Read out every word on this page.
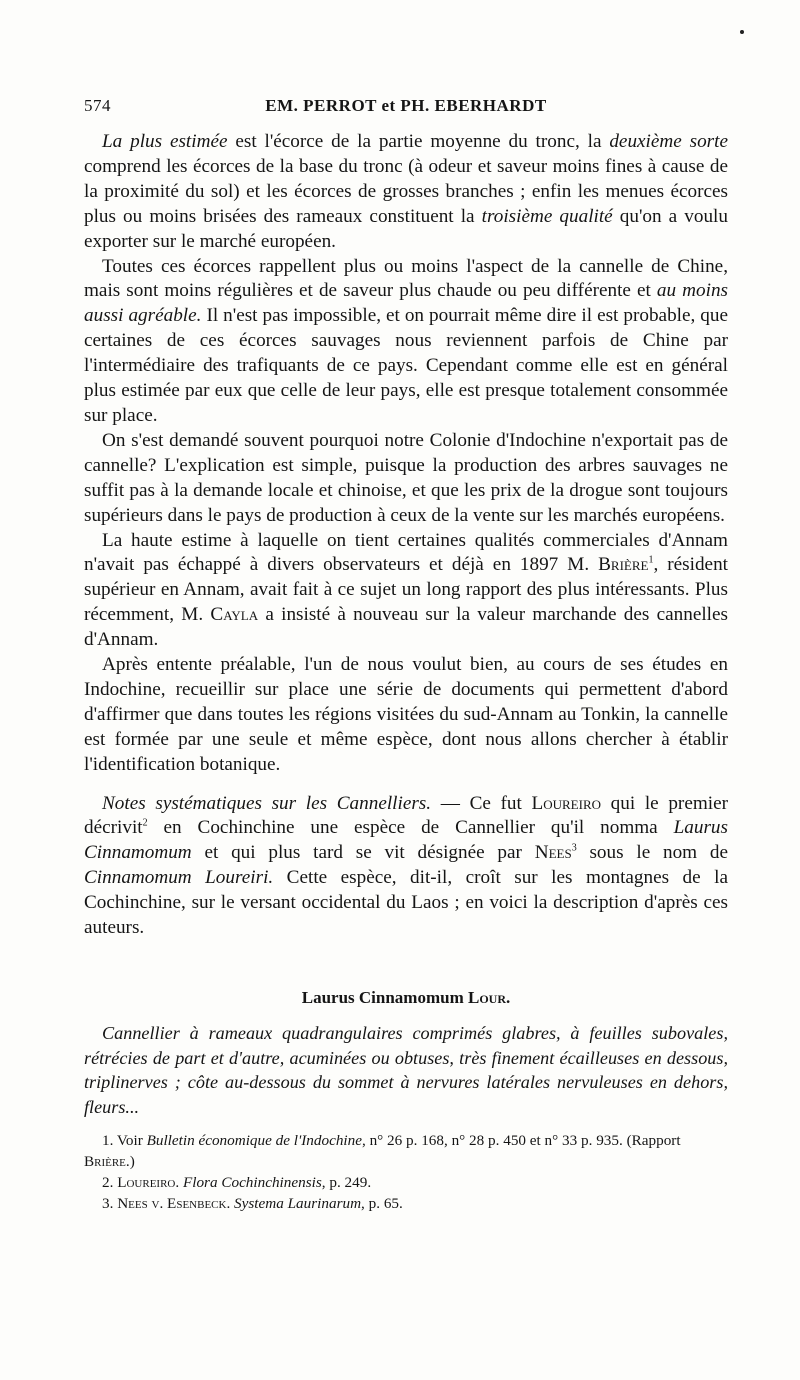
574	EM. PERROT et PH. EBERHARDT

La plus estimée est l'écorce de la partie moyenne du tronc, la deuxième sorte comprend les écorces de la base du tronc (à odeur et saveur moins fines à cause de la proximité du sol) et les écorces de grosses branches ; enfin les menues écorces plus ou moins brisées des rameaux constituent la troisième qualité qu'on a voulu exporter sur le marché européen.

Toutes ces écorces rappellent plus ou moins l'aspect de la cannelle de Chine, mais sont moins régulières et de saveur plus chaude ou peu différente et au moins aussi agréable. Il n'est pas impossible, et on pourrait même dire il est probable, que certaines de ces écorces sauvages nous reviennent parfois de Chine par l'intermédiaire des trafiquants de ce pays. Cependant comme elle est en général plus estimée par eux que celle de leur pays, elle est presque totalement consommée sur place.

On s'est demandé souvent pourquoi notre Colonie d'Indochine n'exportait pas de cannelle? L'explication est simple, puisque la production des arbres sauvages ne suffit pas à la demande locale et chinoise, et que les prix de la drogue sont toujours supérieurs dans le pays de production à ceux de la vente sur les marchés européens.

La haute estime à laquelle on tient certaines qualités commerciales d'Annam n'avait pas échappé à divers observateurs et déjà en 1897 M. Brière$^1$, résident supérieur en Annam, avait fait à ce sujet un long rapport des plus intéressants. Plus récemment, M. Cayla a insisté à nouveau sur la valeur marchande des cannelles d'Annam.

Après entente préalable, l'un de nous voulut bien, au cours de ses études en Indochine, recueillir sur place une série de documents qui permettent d'abord d'affirmer que dans toutes les régions visitées du sud-Annam au Tonkin, la cannelle est formée par une seule et même espèce, dont nous allons chercher à établir l'identification botanique.

Notes systématiques sur les Cannelliers. — Ce fut Loureiro qui le premier décrivit$^2$ en Cochinchine une espèce de Cannellier qu'il nomma Laurus Cinnamomum et qui plus tard se vit désignée par Nees$^3$ sous le nom de Cinnamomum Loureiri. Cette espèce, dit-il, croît sur les montagnes de la Cochinchine, sur le versant occidental du Laos ; en voici la description d'après ces auteurs.

Laurus Cinnamomum Lour.

Cannellier à rameaux quadrangulaires comprimés glabres, à feuilles subovales, rétrécies de part et d'autre, acuminées ou obtuses, très finement écailleuses en dessous, triplinerves ; côte au-dessous du sommet à nervures latérales nervuleuses en dehors, fleurs...

1. Voir Bulletin économique de l'Indochine, n° 26 p. 168, n° 28 p. 450 et n° 33 p. 935. (Rapport Brière.)

2. Loureiro. Flora Cochinchinensis, p. 249.

3. Nees v. Esenbeck. Systema Laurinarum, p. 65.
